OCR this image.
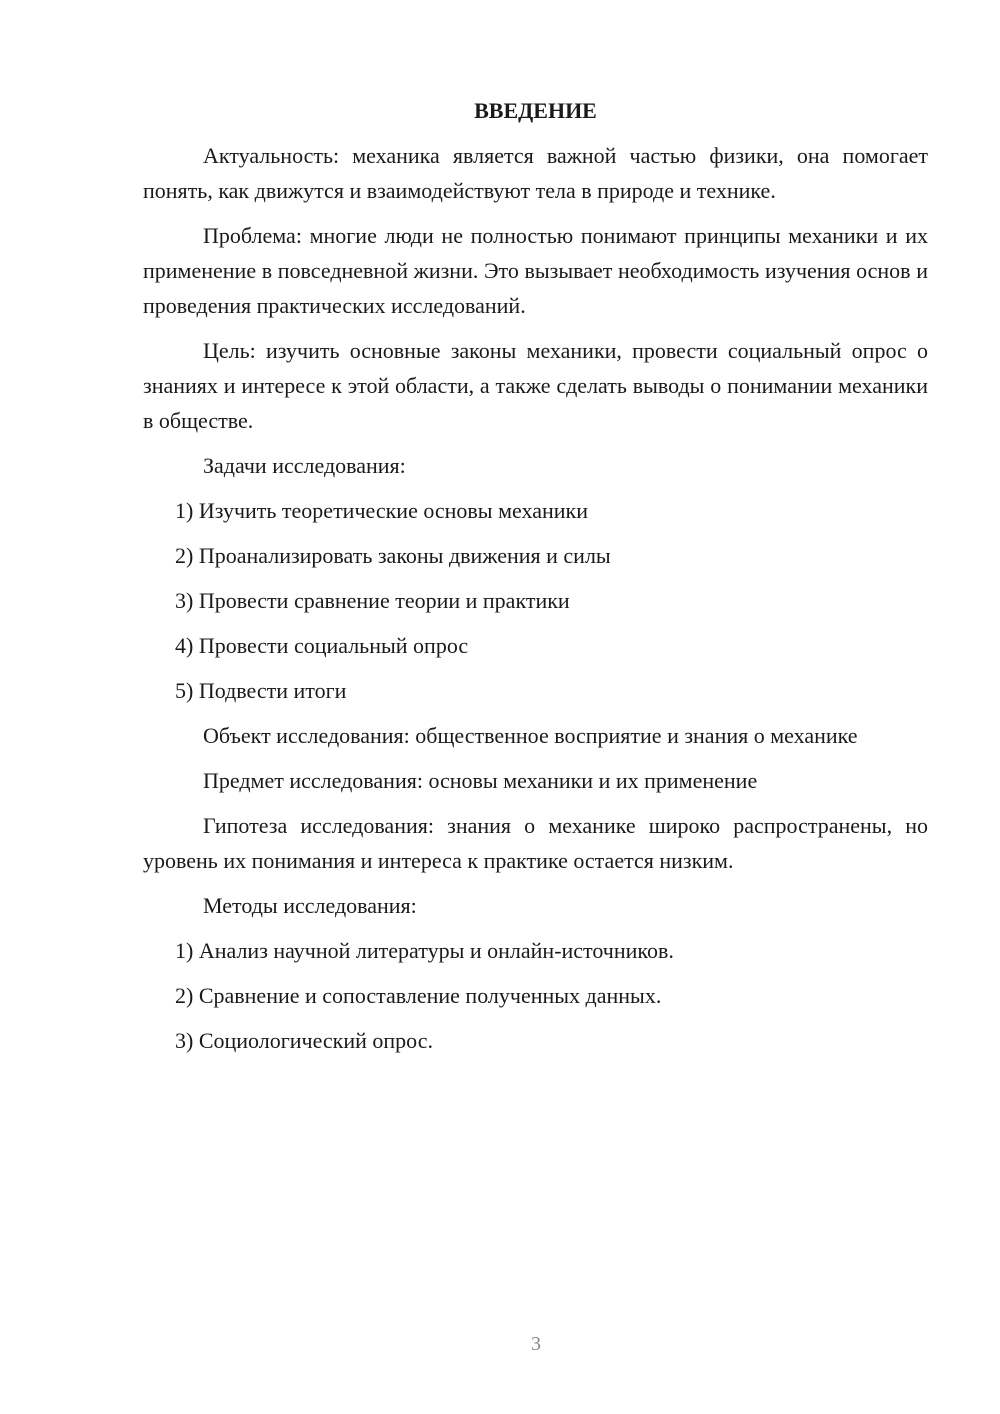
ВВЕДЕНИЕ

Актуальность: механика является важной частью физики, она помогает понять, как движутся и взаимодействуют тела в природе и технике.

Проблема: многие люди не полностью понимают принципы механики и их применение в повседневной жизни. Это вызывает необходимость изучения основ и проведения практических исследований.

Цель: изучить основные законы механики, провести социальный опрос о знаниях и интересе к этой области, а также сделать выводы о понимании механики в обществе.

Задачи исследования:

1) Изучить теоретические основы механики

2) Проанализировать законы движения и силы

3) Провести сравнение теории и практики

4) Провести социальный опрос

5) Подвести итоги

Объект исследования: общественное восприятие и знания о механике

Предмет исследования: основы механики и их применение

Гипотеза исследования: знания о механике широко распространены, но уровень их понимания и интереса к практике остается низким.

Методы исследования:

1) Анализ научной литературы и онлайн-источников.

2) Сравнение и сопоставление полученных данных.

3) Социологический опрос.

3
